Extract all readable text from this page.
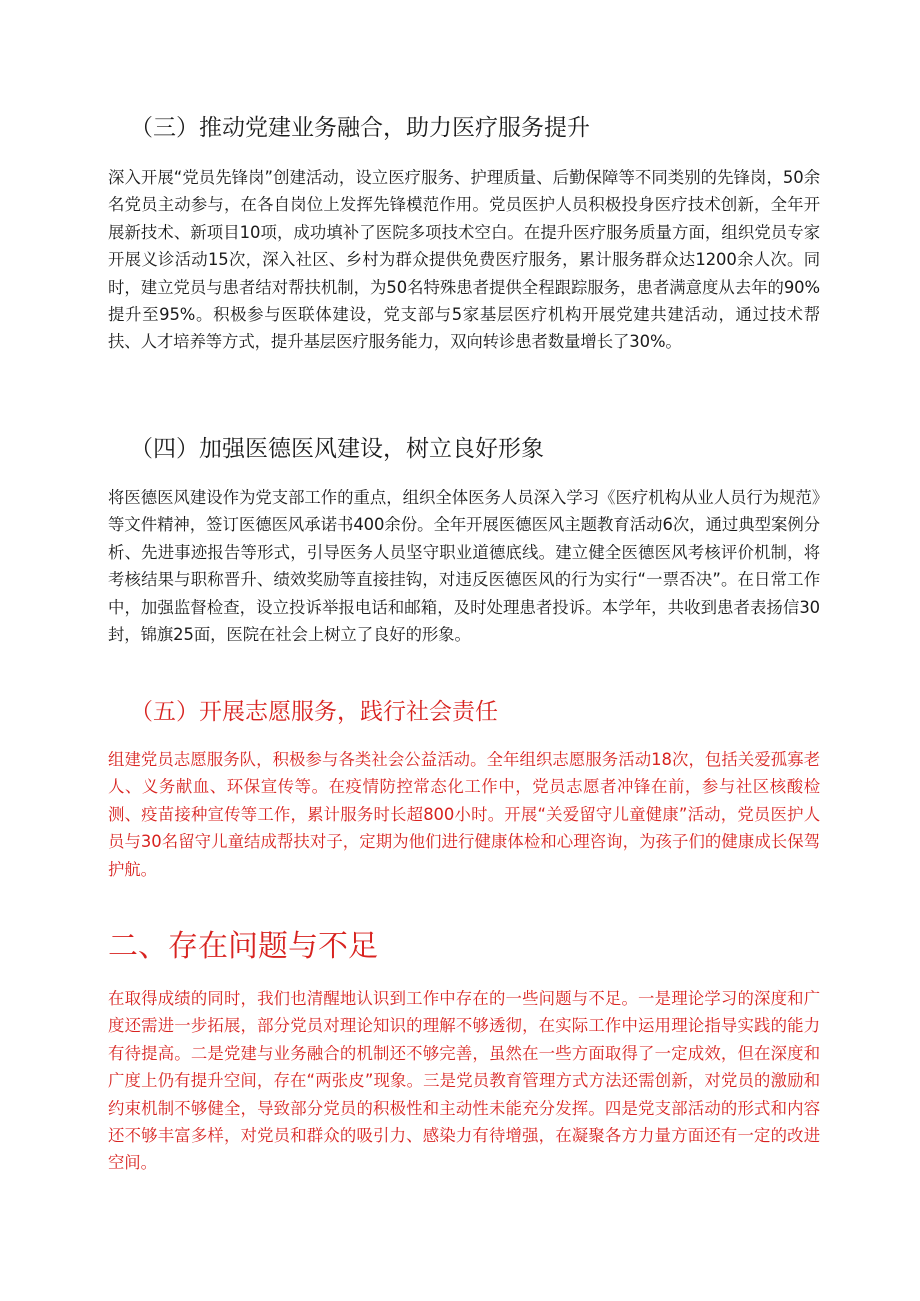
（三）推动党建业务融合，助力医疗服务提升

深入开展“党员先锋岗”创建活动，设立医疗服务、护理质量、后勤保障等不同类别的先锋岗，50余名党员主动参与，在各自岗位上发挥先锋模范作用。党员医护人员积极投身医疗技术创新，全年开展新技术、新项目10项，成功填补了医院多项技术空白。在提升医疗服务质量方面，组织党员专家开展义诊活动15次，深入社区、乡村为群众提供免费医疗服务，累计服务群众达1200余人次。同时，建立党员与患者结对帮扶机制，为50名特殊患者提供全程跟踪服务，患者满意度从去年的90%提升至95%。积极参与医联体建设，党支部与5家基层医疗机构开展党建共建活动，通过技术帮扶、人才培养等方式，提升基层医疗服务能力，双向转诊患者数量增长了30%。

（四）加强医德医风建设，树立良好形象

将医德医风建设作为党支部工作的重点，组织全体医务人员深入学习《医疗机构从业人员行为规范》等文件精神，签订医德医风承诺书400余份。全年开展医德医风主题教育活动6次，通过典型案例分析、先进事迹报告等形式，引导医务人员坚守职业道德底线。建立健全医德医风考核评价机制，将考核结果与职称晋升、绩效奖励等直接挂钩，对违反医德医风的行为实行“一票否决”。在日常工作中，加强监督检查，设立投诉举报电话和邮箱，及时处理患者投诉。本学年，共收到患者表扬信30封，锦旗25面，医院在社会上树立了良好的形象。

（五）开展志愿服务，践行社会责任

组建党员志愿服务队，积极参与各类社会公益活动。全年组织志愿服务活动18次，包括关爱孤寡老人、义务献血、环保宣传等。在疫情防控常态化工作中，党员志愿者冲锋在前，参与社区核酸检测、疫苗接种宣传等工作，累计服务时长超800小时。开展“关爱留守儿童健康”活动，党员医护人员与30名留守儿童结成帮扶对子，定期为他们进行健康体检和心理咨询，为孩子们的健康成长保驾护航。

二、存在问题与不足

在取得成绩的同时，我们也清醒地认识到工作中存在的一些问题与不足。一是理论学习的深度和广度还需进一步拓展，部分党员对理论知识的理解不够透彻，在实际工作中运用理论指导实践的能力有待提高。二是党建与业务融合的机制还不够完善，虽然在一些方面取得了一定成效，但在深度和广度上仍有提升空间，存在“两张皮”现象。三是党员教育管理方式方法还需创新，对党员的激励和约束机制不够健全，导致部分党员的积极性和主动性未能充分发挥。四是党支部活动的形式和内容还不够丰富多样，对党员和群众的吸引力、感染力有待增强，在凝聚各方力量方面还有一定的改进空间。
